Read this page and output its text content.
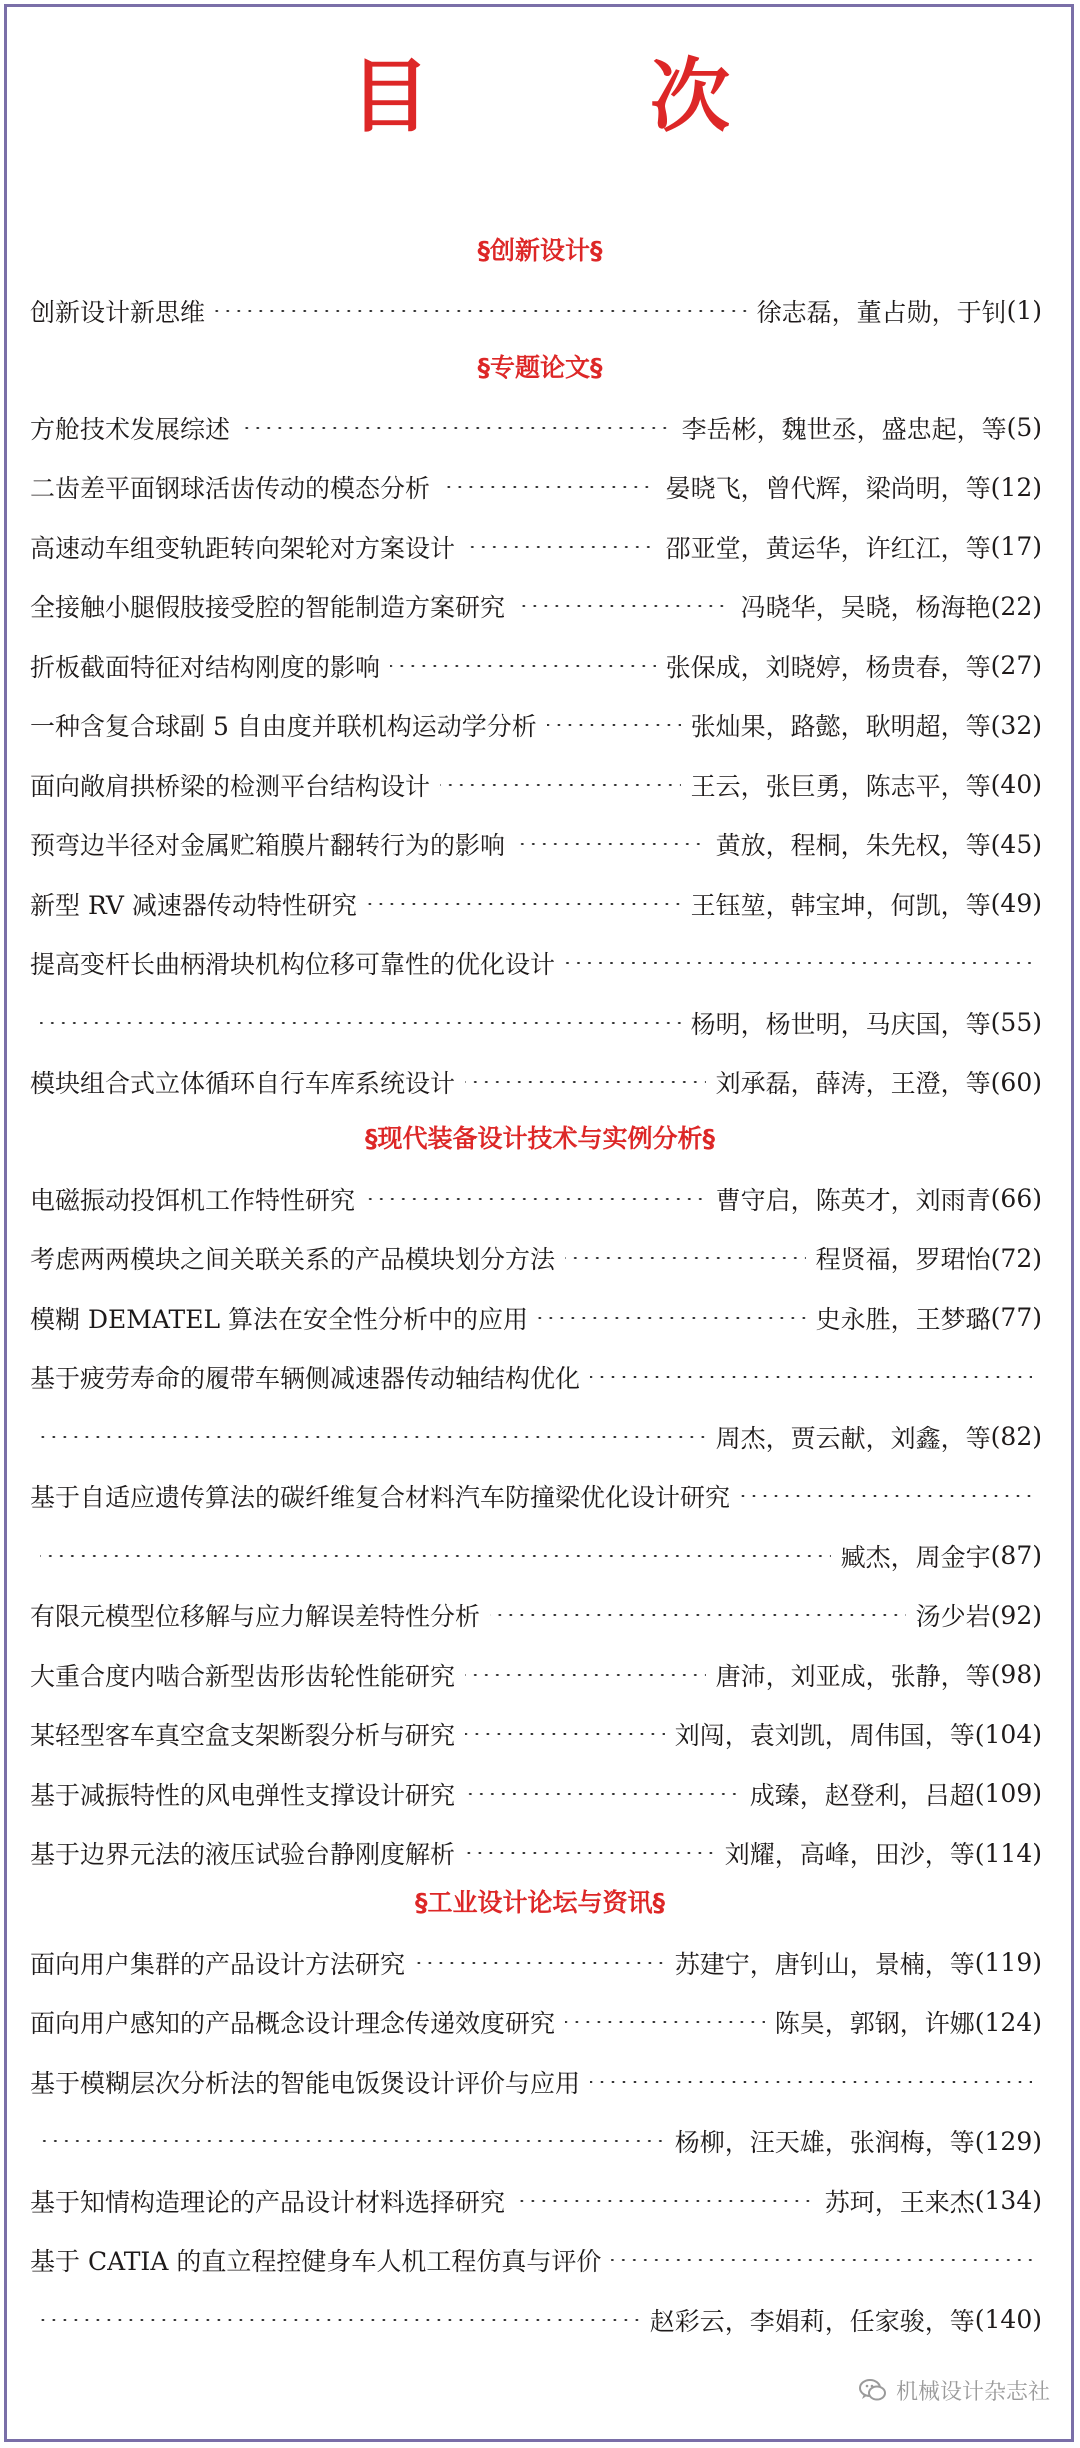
目　次
§创新设计§
创新设计新思维	徐志磊，董占勋，于钊 (1)
§专题论文§
方舱技术发展综述	李岳彬，魏世丞，盛忠起，等 (5)
二齿差平面钢球活齿传动的模态分析	晏晓飞，曾代辉，梁尚明，等 (12)
高速动车组变轨距转向架轮对方案设计	邵亚堂，黄运华，许红江，等 (17)
全接触小腿假肢接受腔的智能制造方案研究	冯晓华，吴晓，杨海艳 (22)
折板截面特征对结构刚度的影响	张保成，刘晓婷，杨贵春，等 (27)
一种含复合球副 5 自由度并联机构运动学分析	张灿果，路懿，耿明超，等 (32)
面向敞肩拱桥梁的检测平台结构设计	王云，张巨勇，陈志平，等 (40)
预弯边半径对金属贮箱膜片翻转行为的影响	黄放，程桐，朱先权，等 (45)
新型 RV 减速器传动特性研究	王钰堃，韩宝坤，何凯，等 (49)
提高变杆长曲柄滑块机构位移可靠性的优化设计
杨明，杨世明，马庆国，等 (55)
模块组合式立体循环自行车库系统设计	刘承磊，薛涛，王澄，等 (60)
§现代装备设计技术与实例分析§
电磁振动投饵机工作特性研究	曹守启，陈英才，刘雨青 (66)
考虑两两模块之间关联关系的产品模块划分方法	程贤福，罗珺怡 (72)
模糊 DEMATEL 算法在安全性分析中的应用	史永胜，王梦璐 (77)
基于疲劳寿命的履带车辆侧减速器传动轴结构优化
周杰，贾云献，刘鑫，等 (82)
基于自适应遗传算法的碳纤维复合材料汽车防撞梁优化设计研究
臧杰，周金宇 (87)
有限元模型位移解与应力解误差特性分析	汤少岩 (92)
大重合度内啮合新型齿形齿轮性能研究	唐沛，刘亚成，张静，等 (98)
某轻型客车真空盒支架断裂分析与研究	刘闯，袁刘凯，周伟国，等 (104)
基于减振特性的风电弹性支撑设计研究	成臻，赵登利，吕超 (109)
基于边界元法的液压试验台静刚度解析	刘耀，高峰，田沙，等 (114)
§工业设计论坛与资讯§
面向用户集群的产品设计方法研究	苏建宁，唐钊山，景楠，等 (119)
面向用户感知的产品概念设计理念传递效度研究	陈昊，郭钢，许娜 (124)
基于模糊层次分析法的智能电饭煲设计评价与应用
杨柳，汪天雄，张润梅，等 (129)
基于知情构造理论的产品设计材料选择研究	苏珂，王来杰 (134)
基于 CATIA 的直立程控健身车人机工程仿真与评价
赵彩云，李娟莉，任家骏，等 (140)
机械设计杂志社
